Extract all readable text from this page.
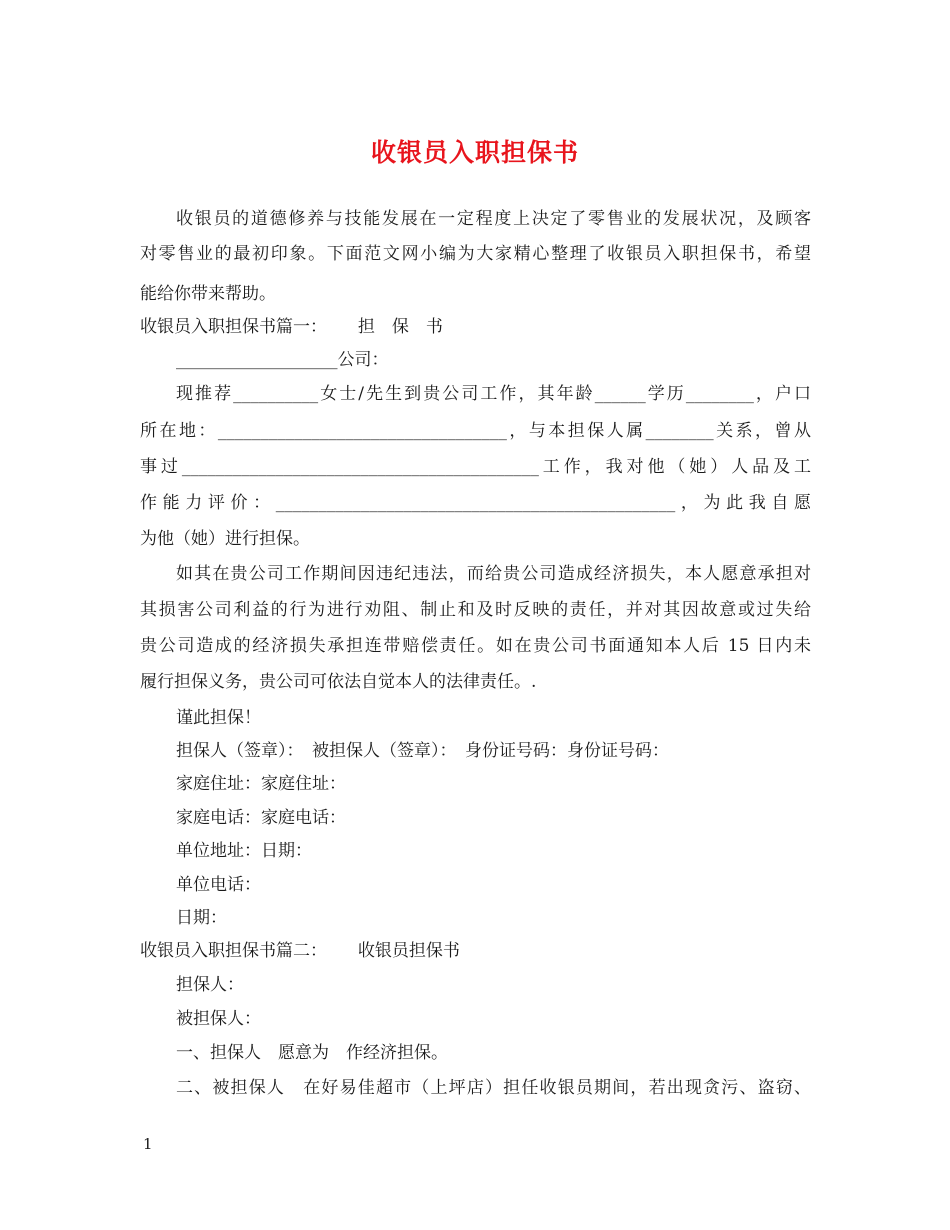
收银员入职担保书
收银员的道德修养与技能发展在一定程度上决定了零售业的发展状况，及顾客
对零售业的最初印象。下面范文网小编为大家精心整理了收银员入职担保书，希望
能给你带来帮助。
收银员入职担保书篇一：　　 担　保　书
___________________公司：
现推荐__________女士/先生到贵公司工作，其年龄______学历________，户口
所在地：__________________________________，与本担保人属________关系，曾从
事过__________________________________________工作，我对他（她）人品及工
作能力评价：_______________________________________________，为此我自愿
为他（她）进行担保。
如其在贵公司工作期间因违纪违法，而给贵公司造成经济损失，本人愿意承担对
其损害公司利益的行为进行劝阻、制止和及时反映的责任，并对其因故意或过失给
贵公司造成的经济损失承担连带赔偿责任。如在贵公司书面通知本人后 15 日内未
履行担保义务，贵公司可依法自觉本人的法律责任。.
谨此担保！
担保人（签章）：　被担保人（签章）：　身份证号码：身份证号码：
家庭住址：家庭住址：
家庭电话：家庭电话：
单位地址：日期：
单位电话：
日期：
收银员入职担保书篇二：　　 收银员担保书
担保人：
被担保人：
一、担保人　愿意为　作经济担保。
二、被担保人　在好易佳超市（上坪店）担任收银员期间，若出现贪污、盗窃、
1
